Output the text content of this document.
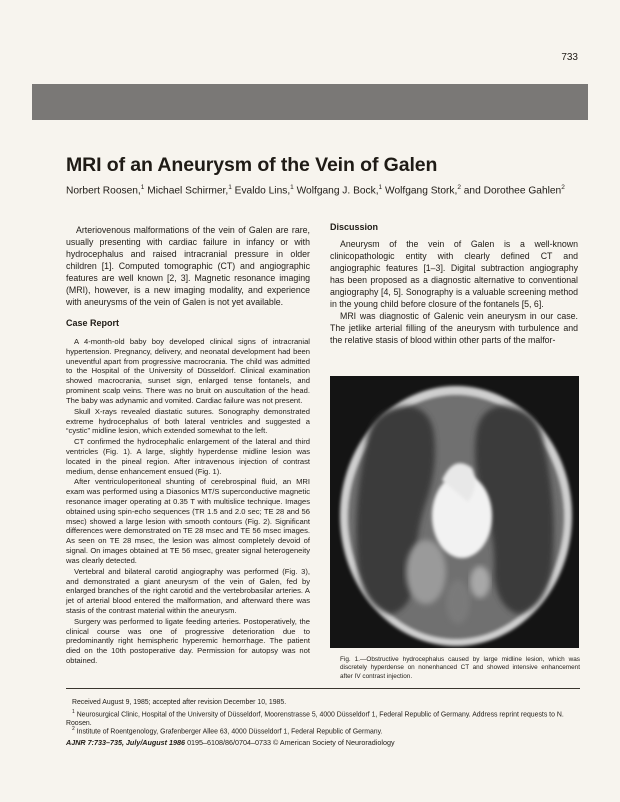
733
MRI of an Aneurysm of the Vein of Galen
Norbert Roosen,$^1$ Michael Schirmer,$^1$ Evaldo Lins,$^1$ Wolfgang J. Bock,$^1$ Wolfgang Stork,$^2$ and Dorothee Gahlen$^2$

Arteriovenous malformations of the vein of Galen are rare, usually presenting with cardiac failure in infancy or with hydrocephalus and raised intracranial pressure in older children [1]. Computed tomographic (CT) and angiographic features are well known [2, 3]. Magnetic resonance imaging (MRI), however, is a new imaging modality, and experience with aneurysms of the vein of Galen is not yet available.

Case Report

A 4-month-old baby boy developed clinical signs of intracranial hypertension. Pregnancy, delivery, and neonatal development had been uneventful apart from progressive macrocrania. The child was admitted to the Hospital of the University of Düsseldorf. Clinical examination showed macrocrania, sunset sign, enlarged tense fontanels, and prominent scalp veins. There was no bruit on auscultation of the head. The baby was adynamic and vomited. Cardiac failure was not present.

Skull X-rays revealed diastatic sutures. Sonography demonstrated extreme hydrocephalus of both lateral ventricles and suggested a “cystic” midline lesion, which extended somewhat to the left.

CT confirmed the hydrocephalic enlargement of the lateral and third ventricles (Fig. 1). A large, slightly hyperdense midline lesion was located in the pineal region. After intravenous injection of contrast medium, dense enhancement ensued (Fig. 1).

After ventriculoperitoneal shunting of cerebrospinal fluid, an MRI exam was performed using a Diasonics MT/S superconductive magnetic resonance imager operating at 0.35 T with multislice technique. Images obtained using spin-echo sequences (TR 1.5 and 2.0 sec; TE 28 and 56 msec) showed a large lesion with smooth contours (Fig. 2). Significant differences were demonstrated on TE 28 msec and TE 56 msec images. As seen on TE 28 msec, the lesion was almost completely devoid of signal. On images obtained at TE 56 msec, greater signal heterogeneity was clearly detected.

Vertebral and bilateral carotid angiography was performed (Fig. 3), and demonstrated a giant aneurysm of the vein of Galen, fed by enlarged branches of the right carotid and the vertebrobasilar arteries. A jet of arterial blood entered the malformation, and afterward there was stasis of the contrast material within the aneurysm.

Surgery was performed to ligate feeding arteries. Postoperatively, the clinical course was one of progressive deterioration due to predominantly right hemispheric hyperemic hemorrhage. The patient died on the 10th postoperative day. Permission for autopsy was not obtained.

Discussion

Aneurysm of the vein of Galen is a well-known clinicopathologic entity with clearly defined CT and angiographic features [1–3]. Digital subtraction angiography has been proposed as a diagnostic alternative to conventional angiography [4, 5]. Sonography is a valuable screening method in the young child before closure of the fontanels [5, 6].

MRI was diagnostic of Galenic vein aneurysm in our case. The jetlike arterial filling of the aneurysm with turbulence and the relative stasis of blood within other parts of the malfor-

Fig. 1.—Obstructive hydrocephalus caused by large midline lesion, which was discretely hyperdense on nonenhanced CT and showed intensive enhancement after IV contrast injection.

Received August 9, 1985; accepted after revision December 10, 1985.

$^1$ Neurosurgical Clinic, Hospital of the University of Düsseldorf, Moorenstrasse 5, 4000 Düsseldorf 1, Federal Republic of Germany. Address reprint requests to N. Roosen.

$^2$ Institute of Roentgenology, Grafenberger Allee 63, 4000 Düsseldorf 1, Federal Republic of Germany.

AJNR 7:733–735, July/August 1986 0195–6108/86/0704–0733 © American Society of Neuroradiology
